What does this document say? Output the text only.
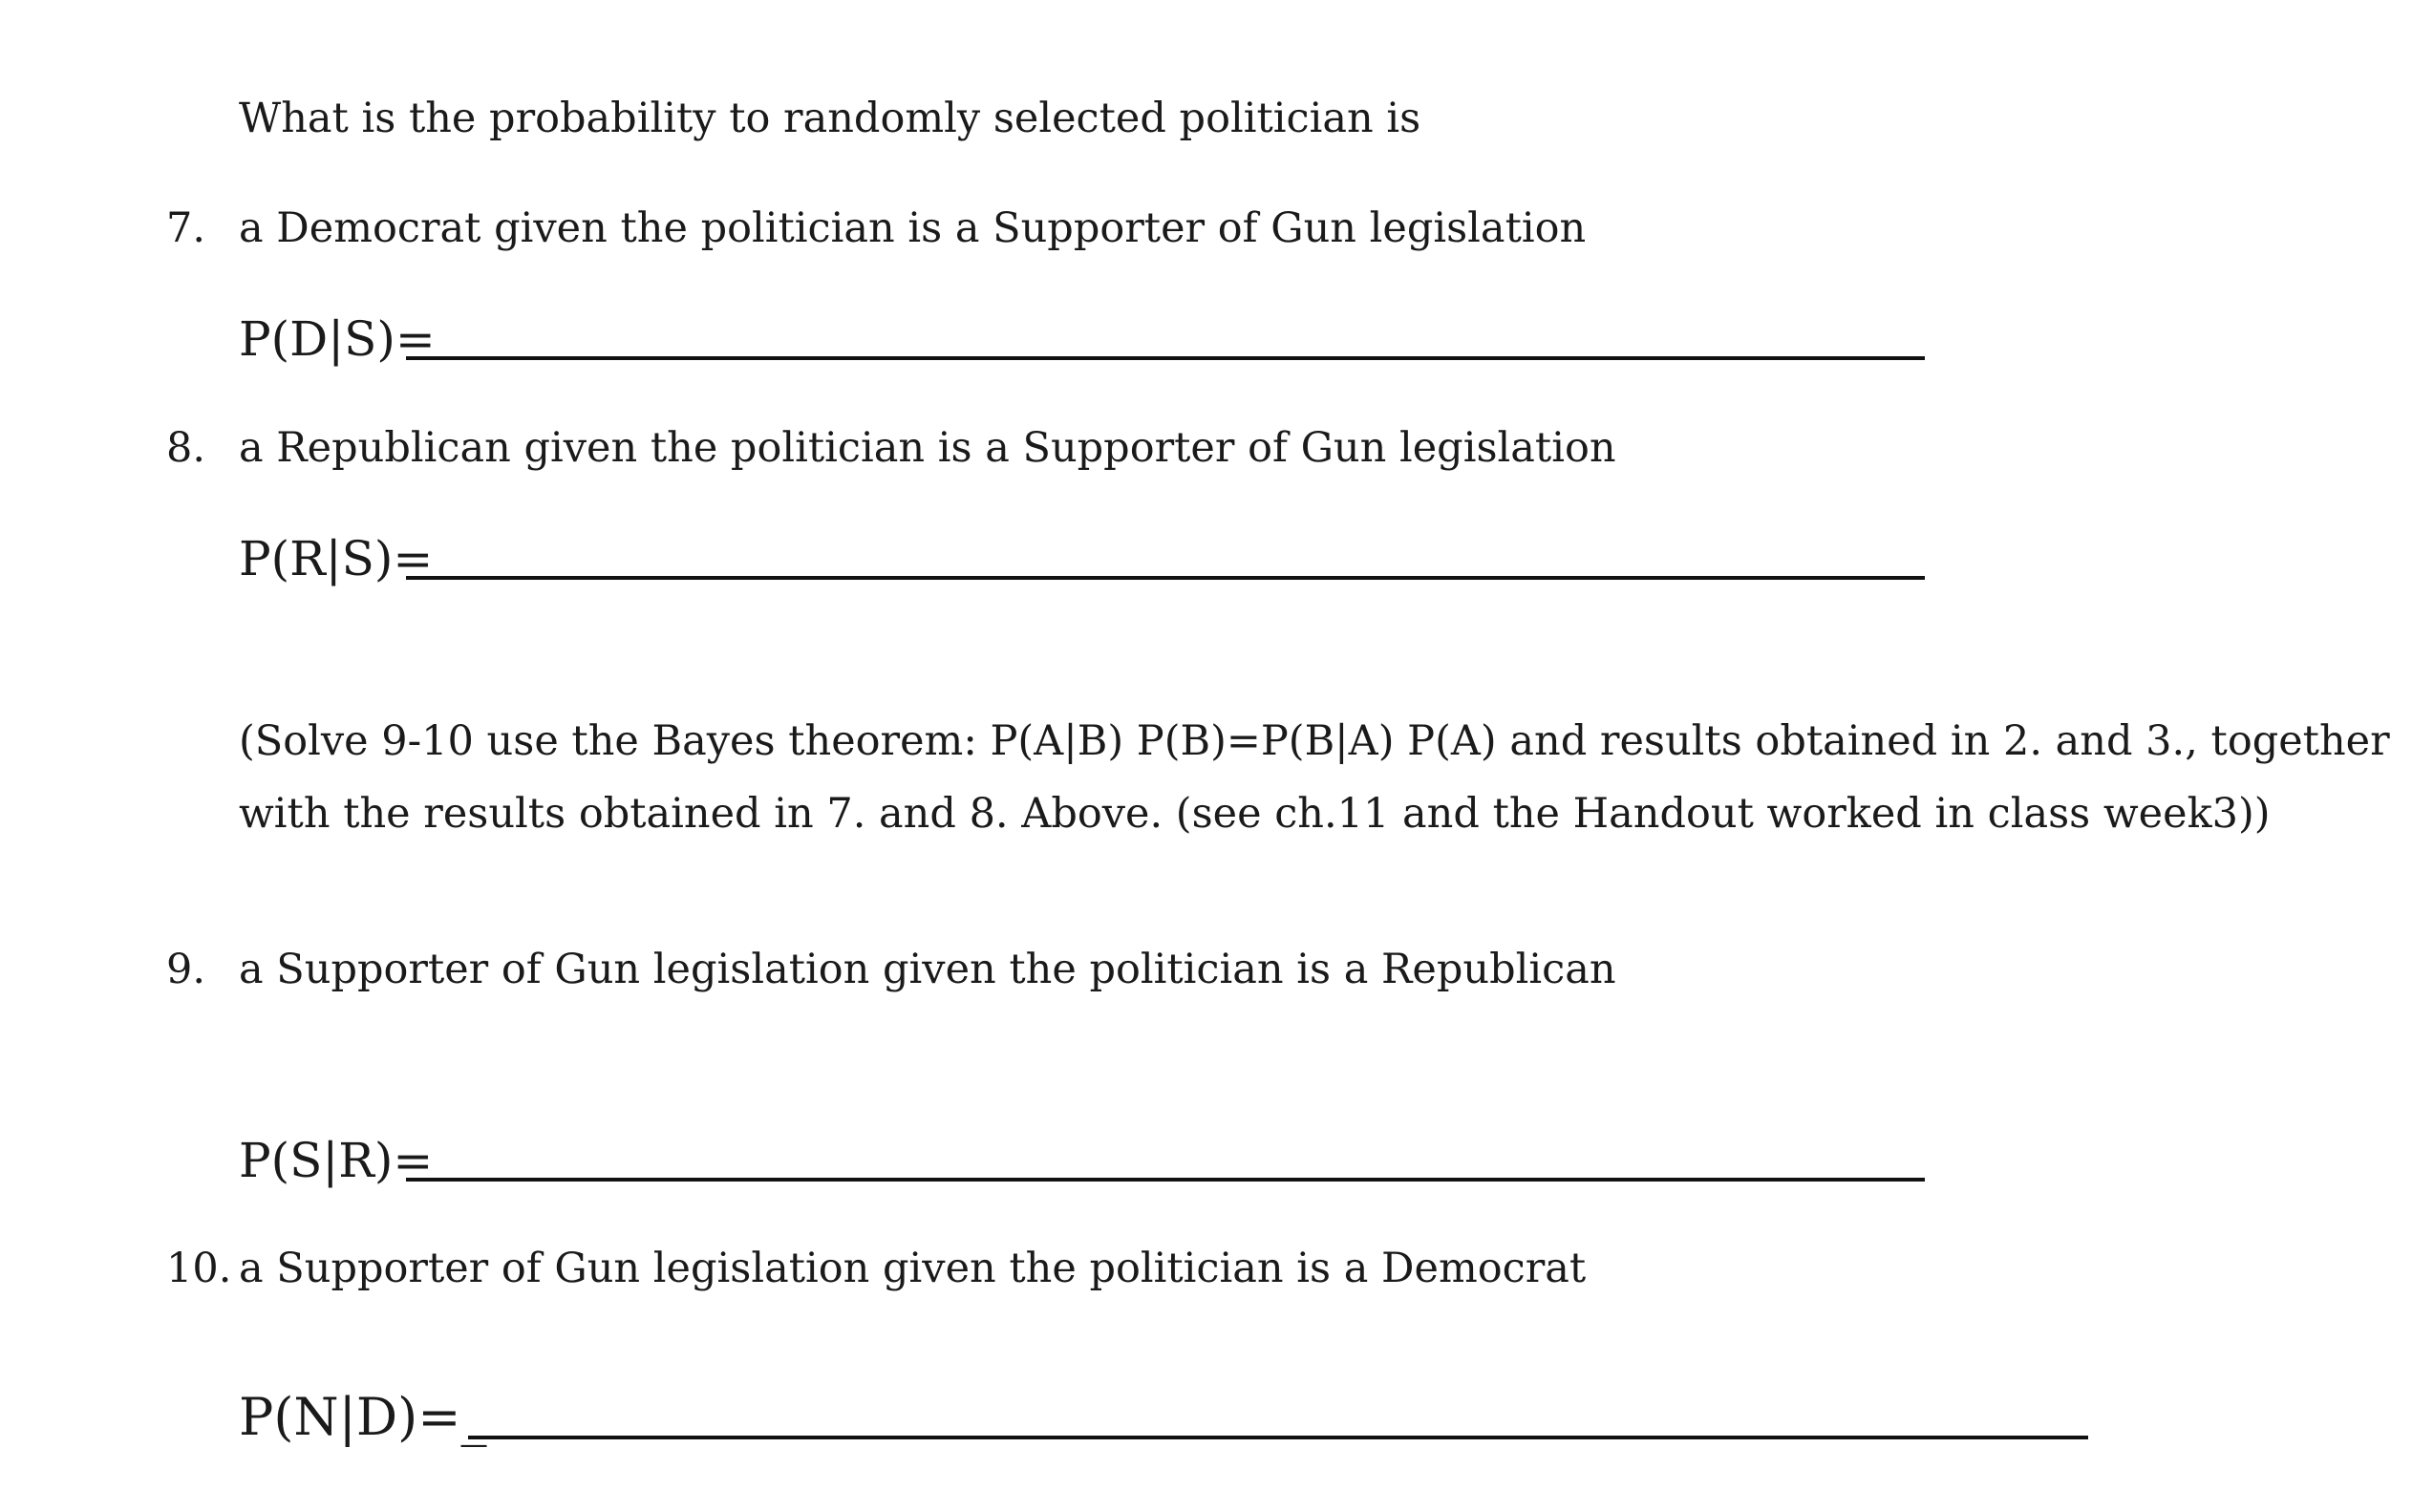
What is the probability to randomly selected politician is
7. a Democrat given the politician is a Supporter of Gun legislation
P(D|S)=
8. a Republican given the politician is a Supporter of Gun legislation
P(R|S)=
(Solve 9-10 use the Bayes theorem: P(A|B) P(B)=P(B|A) P(A) and results obtained in 2. and 3., together
with the results obtained in 7. and 8. Above. (see ch.11 and the Handout worked in class week3))
9. a Supporter of Gun legislation given the politician is a Republican
P(S|R)=
10. a Supporter of Gun legislation given the politician is a Democrat
P(N|D)=_
